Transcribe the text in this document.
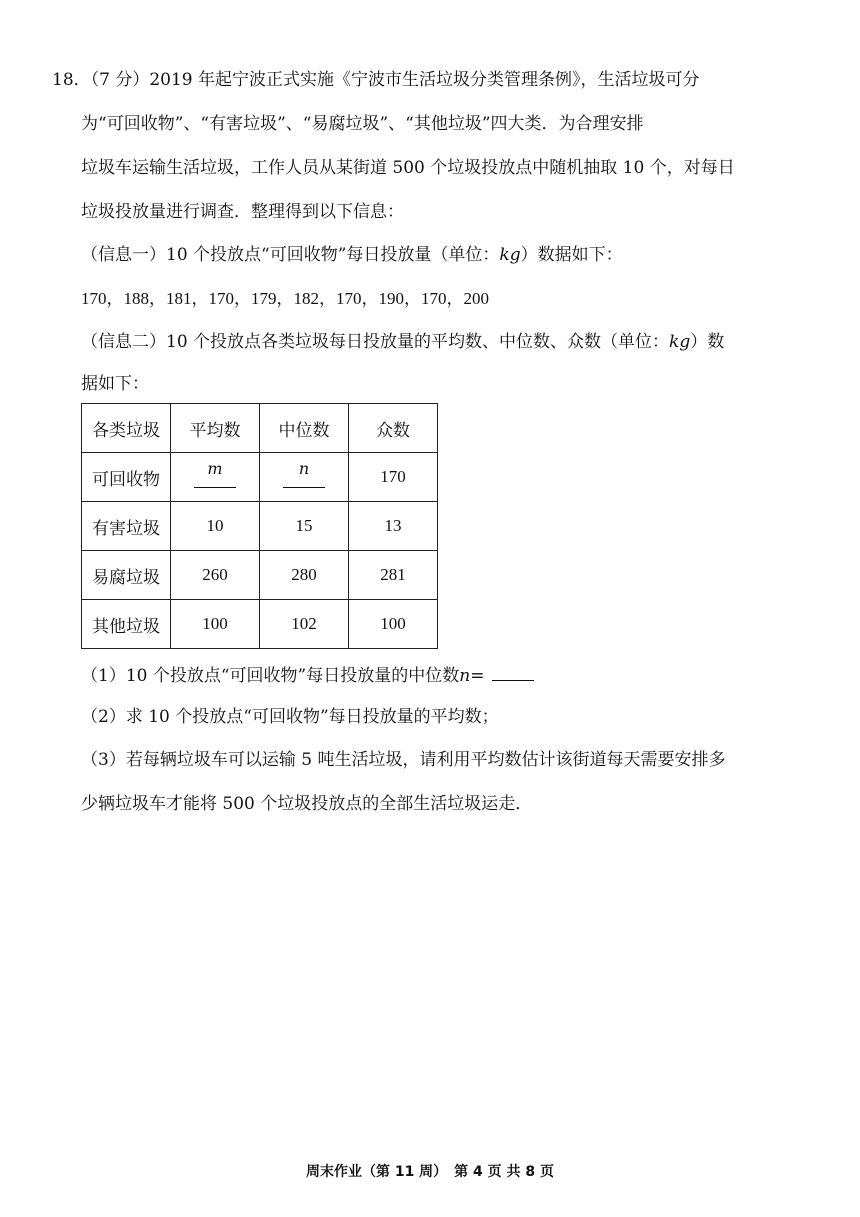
18．（7 分）2019 年起宁波正式实施《宁波市生活垃圾分类管理条例》，生活垃圾可分
为“可回收物”、“有害垃圾”、“易腐垃圾”、“其他垃圾”四大类．为合理安排
垃圾车运输生活垃圾，工作人员从某街道 500 个垃圾投放点中随机抽取 10 个，对每日
垃圾投放量进行调查．整理得到以下信息：
（信息一）10 个投放点“可回收物”每日投放量（单位：kg）数据如下：
170，188，181，170，179，182，170，190，170，200
（信息二）10 个投放点各类垃圾每日投放量的平均数、中位数、众数（单位：kg）数
据如下：
各类垃圾	平均数	中位数	众数
可回收物	m	n	170
有害垃圾	10	15	13
易腐垃圾	260	280	281
其他垃圾	100	102	100
（1）10 个投放点“可回收物”每日投放量的中位数n=
（2）求 10 个投放点“可回收物”每日投放量的平均数；
（3）若每辆垃圾车可以运输 5 吨生活垃圾，请利用平均数估计该街道每天需要安排多
少辆垃圾车才能将 500 个垃圾投放点的全部生活垃圾运走．
周末作业（第 11 周）　第 4 页 共 8 页
